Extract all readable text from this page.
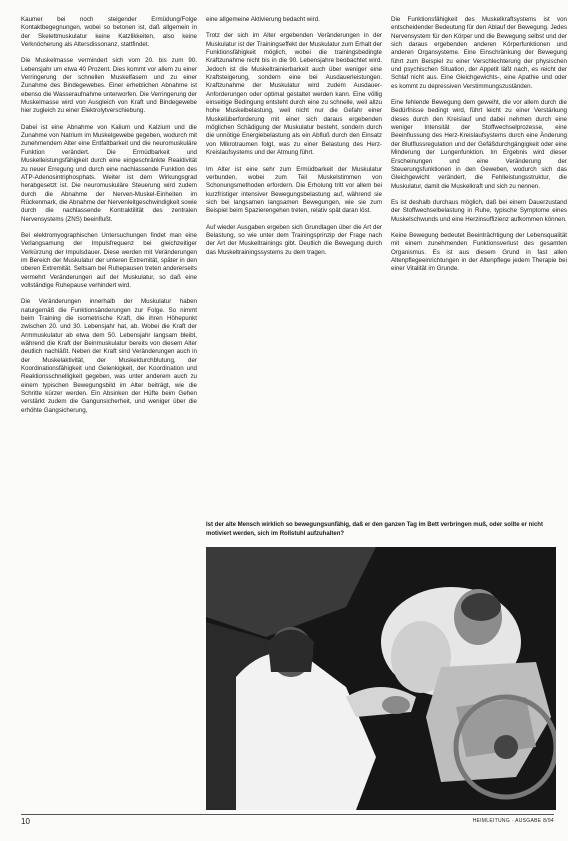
Kaumer bei noch steigender Ermüdung/Folge Kontaktbegegnungen, wobei so betonen ist, daß allgemein in der Skelettmuskulatur keine Katzlikkeiten, also keine Verknöcherung als Altersdissonanz, stattfindet.

Die Muskelmasse vermindert sich vom 20. bis zum 90. Lebensjahr um etwa 40 Prozent. Dies kommt vor allem zu einer Verringerung der schnellen Muskelfasern und zu einer Zunahme des Bindegewebes. Einer erheblichen Abnahme ist ebenso die Wasseraufnahme unterworfen. Die Verringerung der Muskelmasse wird von Ausgleich von Kraft und Bindegewebe hier zugleich zu einer Elektrolytverschiebung.

Dabei ist eine Abnahme von Kalium und Kalzium und die Zunahme von Natrium im Muskelgewebe gegeben, wodurch mit zunehmendem Alter eine Entfaltbarkeit und die neuromuskuläre Funktion verändert. Die Ermüdbarkeit und Muskelleistungsfähigkeit durch eine eingeschränkte Reaktivität zu neuer Erregung und durch eine nachlassende Funktion des ATP-Adenosintriphosphats. Weiter ist dem Wirkungsgrad herabgesetzt ist. Die neuromuskuläre Steuerung wird zudem durch die Abnahme der Nerven-Muskel-Einheiten im Rückenmark, die Abnahme der Nervenleitgeschwindigkeit sowie durch die nachlassende Kontraktilität des zentralen Nervensystems (ZNS) beeinflußt.

Bei elektromyographischen Untersuchungen findet man eine Verlangsamung der Impulsfrequenz bei gleichzeitiger Verkürzung der Impulsdauer. Diese werden mit Veränderungen im Bereich der Muskulatur der unteren Extremität, später in den oberen Extremität. Seltsam bei Ruhepausen treten andererseits vermehrt Veränderungen auf der Muskulatur, so daß eine vollständige Ruhepause verhindert wird.

Die Veränderungen innerhalb der Muskulatur haben naturgemäß die Funktionsänderungen zur Folge. So nimmt beim Training die isometrische Kraft, die ihren Höhepunkt zwischen 20. und 30. Lebensjahr hat, ab. Wobei die Kraft der Armmuskulatur ab etwa dem 50. Lebensjahr langsam bleibt, während die Kraft der Beinmuskulatur bereits von diesem Alter deutlich nachläßt. Neben der Kraft sind Veränderungen auch in der Muskelaktivität, der Muskeldurchblutung, der Koordinationsfähigkeit und Gelenkigkeit, der Koordination und Reaktionsschnelligkeit gegeben, was unter anderem auch zu einem typischen Bewegungsbild im Alter beiträgt, wie die Schritte kürzer werden. Ein Absinken der Hüfte beim Gehen verstärkt zudem die Gangunsicherheit, und weniger über die erhöhte Gangsicherung,

eine allgemeine Aktivierung bedacht wird.

Trotz der sich im Alter ergebenden Veränderungen in der Muskulatur ist der Trainingseffekt der Muskulatur zum Erhalt der Funktionsfähigkeit möglich, wobei die trainingsbedingte Kraftzunahme nicht bis in die 90. Lebensjahre beobachtet wird. Jedoch ist die Muskeltrainierbarkeit auch über weniger eine Kraftsteigerung, sondern eine bei Ausdauerleistungen. Kraftzunahme der Muskulatur wird zudem Ausdauer-Anforderungen oder optimal gestaltet werden kann. Eine völlig einseitige Bedingung entsteht durch eine zu schnelle, weil allzu hohe Muskelbelastung, weil nicht nur die Gefahr einer Muskelüberforderung mit einer sich daraus ergebenden möglichen Schädigung der Muskulatur besteht, sondern durch die unnötige Energiebelastung als ein Abfluß durch den Einsatz von Mikrotraumen folgt, was zu einer Belastung des Herz-Kreislaufsystems und der Atmung führt.

Im Alter ist eine sehr zum Ermüdbarkeit der Muskulatur verbunden, wobei zum Teil Muskelstimmen von Schonungsmethoden erfordern. Die Erholung tritt vor allem bei kurzfristiger intensiver Bewegungsbelastung auf, während sie sich bei langsamen langsamen Bewegungen, wie sie zum Beispiel beim Spazierengehen treten, relativ spät daran löst.

Auf wieder Ausgaben ergeben sich Grundlagen über die Art der Belastung, so wie unter dem Trainingsprinzip der Frage nach der Art der Muskeltrainings gibt. Deutlich die Bewegung durch das Muskeltrainingssystems zu dem tragen.

Die Funktionsfähigkeit des Muskelkraftsystems ist von entscheidender Bedeutung für den Ablauf der Bewegung. Jedes Nervensystem für den Körper und die Bewegung selbst und der sich daraus ergebenden anderen Körperfunktionen und anderen Organsysteme. Eine Einschränkung der Bewegung führt zum Beispiel zu einer Verschlechterung der physischen und psychischen Situation, der Appetit läßt nach, es reicht der Schlaf nicht aus. Eine Gleichgewichts-, eine Apathie und oder es kommt zu depressiven Verstimmungszuständen.

Eine fehlende Bewegung dem geweiht, die vor allem durch die Bedürfnisse bedingt wird, führt leicht zu einer Verstärkung dieses durch den Kreislauf und dabei nehmen durch eine weniger Intensität der Stoffwechselprozesse, eine Beeinflussung des Herz-Kreislaufsystems durch eine Änderung der Blutflussregulation und der Gefäßdurchgängigkeit oder eine Minderung der Lungenfunktion. Im Ergebnis wird dieser Erscheinungen und eine Veränderung der Steuerungsfunktionen in den Geweben, wodurch sich das Gleichgewicht verändert, die Fehlleistungsstruktur, die Muskulatur, damit die Muskelkraft und sich zu nennen.

Es ist deshalb durchaus möglich, daß bei einem Dauerzustand der Stoffwechselbelastung in Ruhe, typische Symptome eines Muskelschwunds und eine Herzinsuffizienz aufkommen können.

Keine Bewegung bedeutet Beeinträchtigung der Lebensqualität mit einem zunehmenden Funktionsverlust des gesamten Organismus. Es ist aus diesem Grund in fast allen Altenpflegeeinrichtungen in der Altenpflege jedem Therapie bei einer Vitalität im Grunde.

Ist der alte Mensch wirklich so bewegungsunfähig, daß er den ganzen Tag im Bett verbringen muß, oder sollte er nicht motiviert werden, sich im Rollstuhl aufzuhalten?
10	HEIMLEITUNG · AUSGABE 8/94
